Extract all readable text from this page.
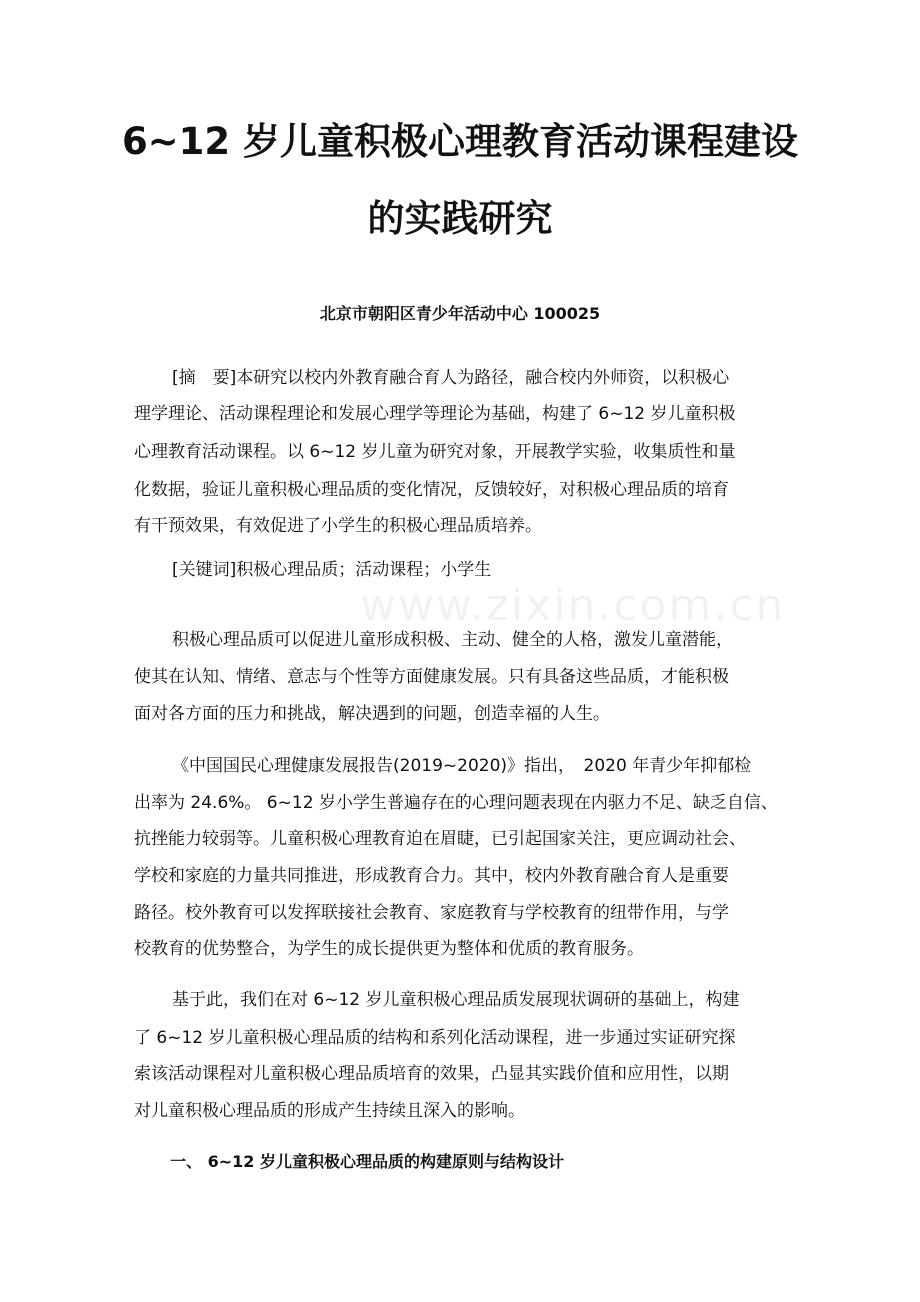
www.zixin.com.cn
6~12 岁儿童积极心理教育活动课程建设
的实践研究
北京市朝阳区青少年活动中心 100025
[摘　要]本研究以校内外教育融合育人为路径，融合校内外师资，以积极心
理学理论、活动课程理论和发展心理学等理论为基础，构建了 6~12 岁儿童积极
心理教育活动课程。以 6~12 岁儿童为研究对象，开展教学实验，收集质性和量
化数据，验证儿童积极心理品质的变化情况，反馈较好，对积极心理品质的培育
有干预效果，有效促进了小学生的积极心理品质培养。
[关键词]积极心理品质；活动课程；小学生
积极心理品质可以促进儿童形成积极、主动、健全的人格，激发儿童潜能，
使其在认知、情绪、意志与个性等方面健康发展。只有具备这些品质，才能积极
面对各方面的压力和挑战，解决遇到的问题，创造幸福的人生。
《中国国民心理健康发展报告(2019~2020)》指出，　2020 年青少年抑郁检
出率为 24.6%。 6~12 岁小学生普遍存在的心理问题表现在内驱力不足、缺乏自信、
抗挫能力较弱等。儿童积极心理教育迫在眉睫，已引起国家关注，更应调动社会、
学校和家庭的力量共同推进，形成教育合力。其中，校内外教育融合育人是重要
路径。校外教育可以发挥联接社会教育、家庭教育与学校教育的纽带作用，与学
校教育的优势整合，为学生的成长提供更为整体和优质的教育服务。
基于此，我们在对 6~12 岁儿童积极心理品质发展现状调研的基础上，构建
了 6~12 岁儿童积极心理品质的结构和系列化活动课程，进一步通过实证研究探
索该活动课程对儿童积极心理品质培育的效果，凸显其实践价值和应用性，以期
对儿童积极心理品质的形成产生持续且深入的影响。
一、 6~12 岁儿童积极心理品质的构建原则与结构设计
